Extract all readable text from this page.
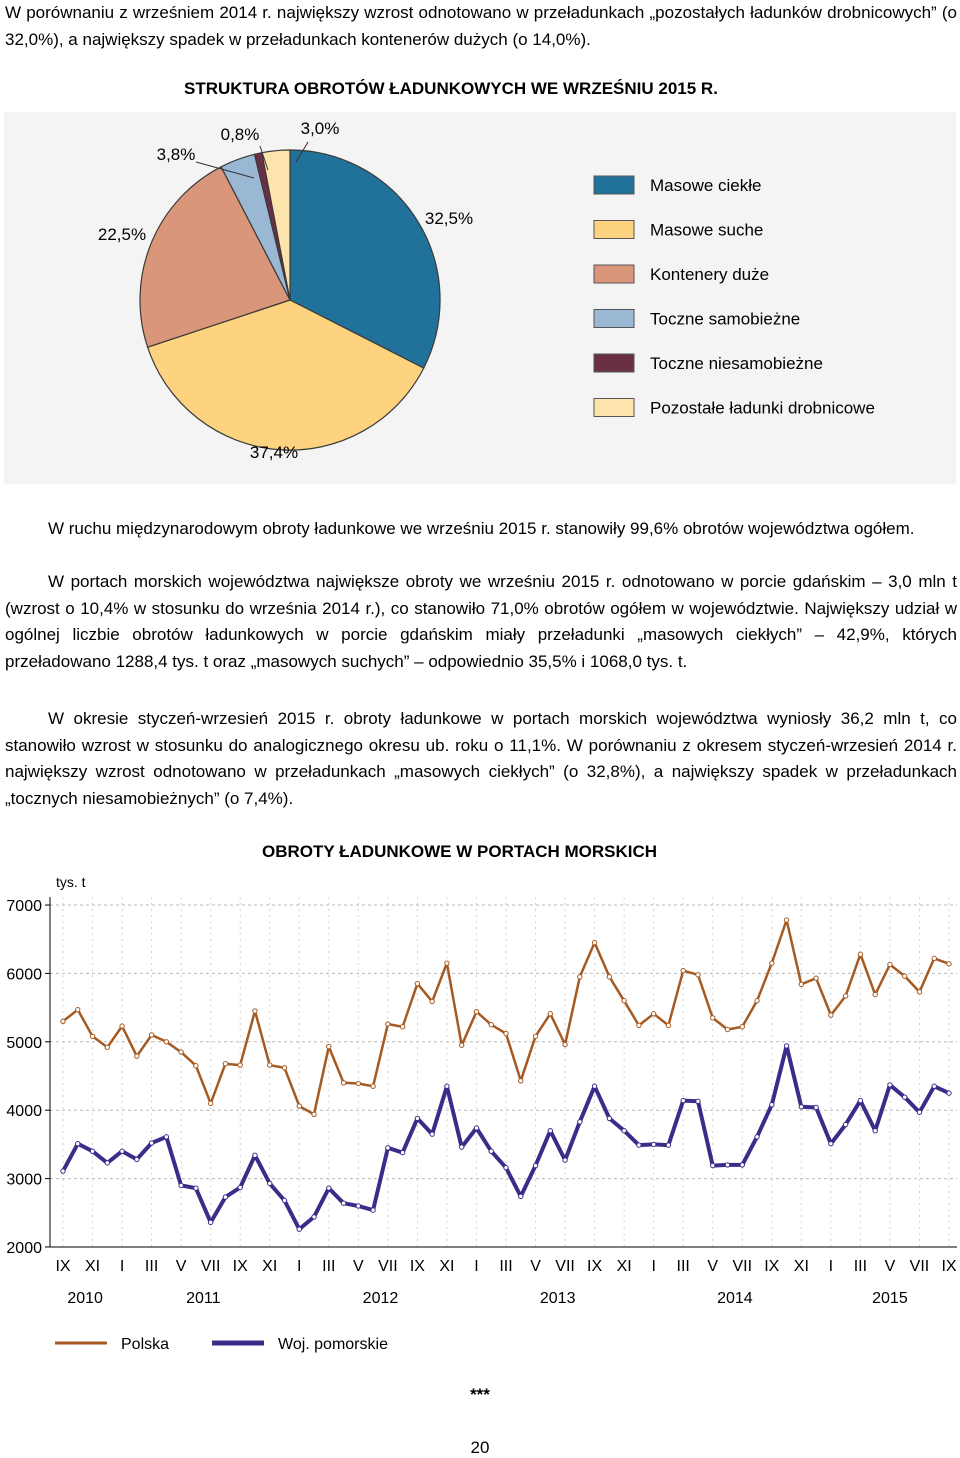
W porównaniu z wrześniem 2014 r. największy wzrost odnotowano w przeładunkach „pozostałych ładunków drobnicowych” (o 32,0%), a największy spadek w przeładunkach kontenerów dużych (o 14,0%).

STRUKTURA OBROTÓW ŁADUNKOWYCH WE WRZEŚNIU 2015 R.
32,5%
37,4%
22,5%
3,8%
0,8% 3,0%
Masowe ciekłe
Masowe suche
Kontenery duże
Toczne samobieżne
Toczne niesamobieżne
Pozostałe ładunki drobnicowe

W ruchu międzynarodowym obroty ładunkowe we wrześniu 2015 r. stanowiły 99,6% obrotów województwa ogółem.

W portach morskich województwa największe obroty we wrześniu 2015 r. odnotowano w porcie gdańskim – 3,0 mln t (wzrost o 10,4% w stosunku do września 2014 r.), co stanowiło 71,0% obrotów ogółem w województwie. Największy udział w ogólnej liczbie obrotów ładunkowych w porcie gdańskim miały przeładunki „masowych ciekłych” – 42,9%, których przeładowano 1288,4 tys. t oraz „masowych suchych” – odpowiednio 35,5% i 1068,0 tys. t.

W okresie styczeń-wrzesień 2015 r. obroty ładunkowe w portach morskich województwa wyniosły 36,2 mln t, co stanowiło wzrost w stosunku do analogicznego okresu ub. roku o 11,1%. W porównaniu z okresem styczeń-wrzesień 2014 r. największy wzrost odnotowano w przeładunkach „masowych ciekłych” (o 32,8%), a największy spadek w przeładunkach „tocznych niesamobieżnych” (o 7,4%).

OBROTY ŁADUNKOWE W PORTACH MORSKICH
2000
3000
4000
5000
6000
7000
tys. t
IX XI I III V VII IX XI I III V VII IX XI I III V VII IX XI I III V VII IX XI I III V VII IX
2010	2011	2012	2013	2014	2015
Polska	Woj. pomorskie
***
20
